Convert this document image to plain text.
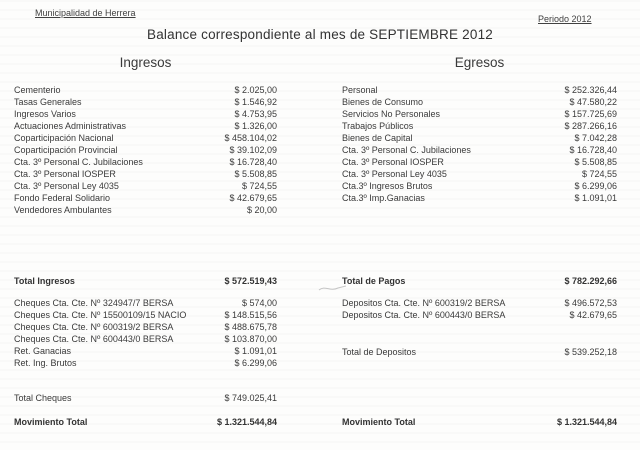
Municipalidad de Herrera
Periodo 2012
Balance correspondiente al mes de SEPTIEMBRE 2012
Ingresos
Cementerio	$ 2.025,00
Tasas Generales	$ 1.546,92
Ingresos Varios	$ 4.753,95
Actuaciones Administrativas	$ 1.326,00
Coparticipación Nacional	$ 458.104,02
Coparticipación Provincial	$ 39.102,09
Cta. 3º Personal C. Jubilaciones	$ 16.728,40
Cta. 3º Personal IOSPER	$ 5.508,85
Cta. 3º Personal Ley 4035	$ 724,55
Fondo Federal Solidario	$ 42.679,65
Vendedores Ambulantes	$ 20,00
Total Ingresos	$ 572.519,43
Cheques Cta. Cte. Nº 324947/7 BERSA	$ 574,00
Cheques Cta. Cte. Nº 15500109/15 NACIO	$ 148.515,56
Cheques Cta. Cte. Nº 600319/2 BERSA	$ 488.675,78
Cheques Cta. Cte. Nº 600443/0 BERSA	$ 103.870,00
Ret. Ganacias	$ 1.091,01
Ret. Ing. Brutos	$ 6.299,06
Total Cheques	$ 749.025,41
Movimiento Total	$ 1.321.544,84
Egresos
Personal	$ 252.326,44
Bienes de Consumo	$ 47.580,22
Servicios No Personales	$ 157.725,69
Trabajos Públicos	$ 287.266,16
Bienes de Capital	$ 7.042,28
Cta. 3º Personal C. Jubilaciones	$ 16.728,40
Cta. 3º Personal IOSPER	$ 5.508,85
Cta. 3º Personal Ley 4035	$ 724,55
Cta.3º Ingresos Brutos	$ 6.299,06
Cta.3º Imp.Ganacias	$ 1.091,01
Total de Pagos	$ 782.292,66
Depositos Cta. Cte. Nº 600319/2 BERSA	$ 496.572,53
Depositos Cta. Cte. Nº 600443/0 BERSA	$ 42.679,65
Total de Depositos	$ 539.252,18
Movimiento Total	$ 1.321.544,84
